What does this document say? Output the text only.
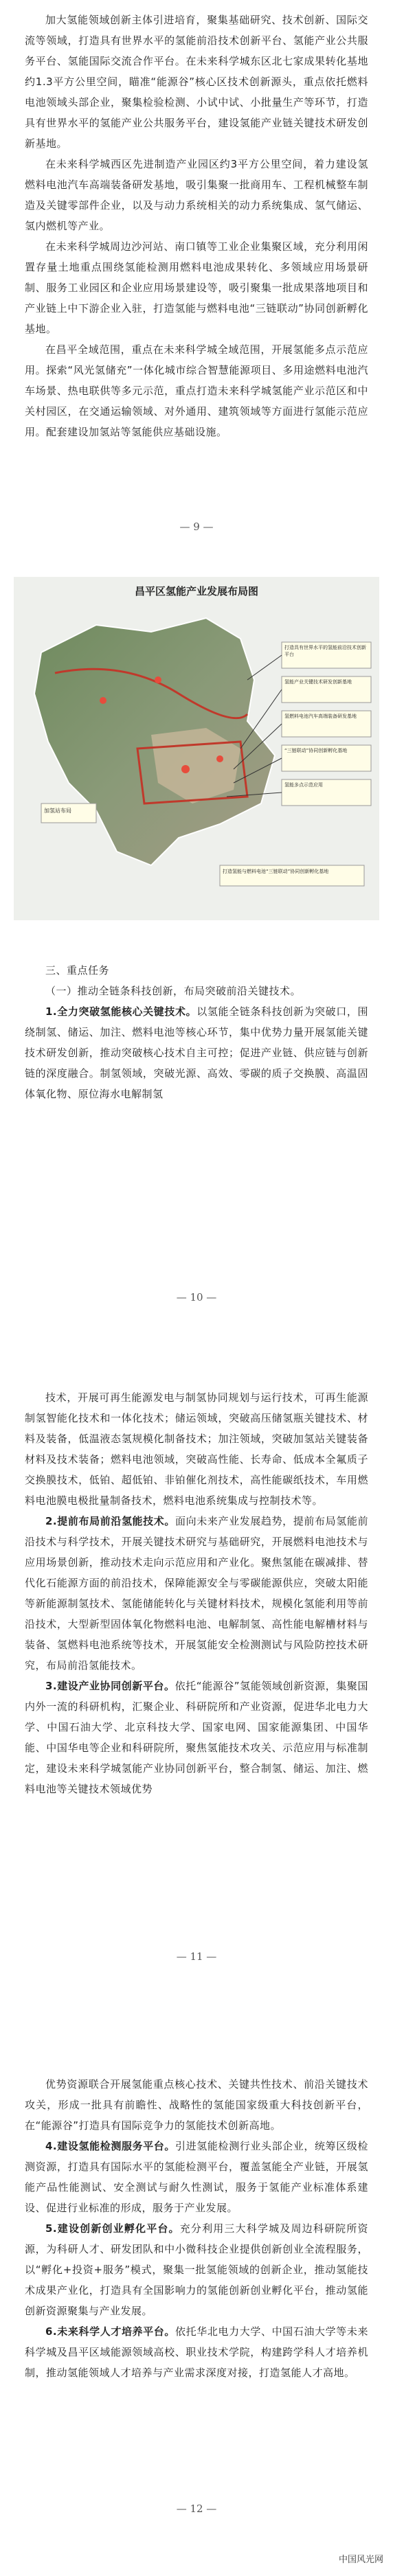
加大氢能领域创新主体引进培育，聚集基础研究、技术创新、国际交流等领域，打造具有世界水平的氢能前沿技术创新平台、氢能产业公共服务平台、氢能国际交流合作平台。在未来科学城东区北七家成果转化基地约1.3平方公里空间，瞄准“能源谷”核心区技术创新源头，重点依托燃料电池领域头部企业，聚集检验检测、小试中试、小批量生产等环节，打造具有世界水平的氢能产业公共服务平台，建设氢能产业链关键技术研发创新基地。

在未来科学城西区先进制造产业园区约3平方公里空间，着力建设氢燃料电池汽车高端装备研发基地，吸引集聚一批商用车、工程机械整车制造及关键零部件企业，以及与动力系统相关的动力系统集成、氢气储运、氢内燃机等产业。

在未来科学城周边沙河站、南口镇等工业企业集聚区域，充分利用闲置存量土地重点围绕氢能检测用燃料电池成果转化、多领域应用场景研制、服务工业园区和企业应用场景建设等，吸引聚集一批成果落地项目和产业链上中下游企业入驻，打造氢能与燃料电池“三链联动”协同创新孵化基地。

在昌平全域范围，重点在未来科学城全域范围，开展氢能多点示范应用。探索“风光氢储充”一体化城市综合智慧能源项目、多用途燃料电池汽车场景、热电联供等多元示范，重点打造未来科学城氢能产业示范区和中关村园区，在交通运输领域、对外通用、建筑领域等方面进行氢能示范应用。配套建设加氢站等氢能供应基础设施。

— 9 —
昌平区氢能产业发展布局图
打造具有世界水平的氢能前沿技术创新平台
氢能产业关键技术研发创新基地
氢燃料电池汽车高端装备研发基地
“三链联动”协同创新孵化基地
氢能多点示范应用
打造氢能与燃料电池“三链联动”协同创新孵化基地
加氢站布局

三、重点任务

（一）推动全链条科技创新，布局突破前沿关键技术。

1.全力突破氢能核心关键技术。以氢能全链条科技创新为突破口，围绕制氢、储运、加注、燃料电池等核心环节，集中优势力量开展氢能关键技术研发创新，推动突破核心技术自主可控；促进产业链、供应链与创新链的深度融合。制氢领域，突破光源、高效、零碳的质子交换膜、高温固体氧化物、原位海水电解制氢

— 10 —

技术，开展可再生能源发电与制氢协同规划与运行技术，可再生能源制氢智能化技术和一体化技术；储运领域，突破高压储氢瓶关键技术、材料及装备，低温液态氢规模化制备技术；加注领域，突破加氢站关键装备材料及技术装备；燃料电池领域，突破高性能、长寿命、低成本全氟质子交换膜技术，低铂、超低铂、非铂催化剂技术，高性能碳纸技术，车用燃料电池膜电极批量制备技术，燃料电池系统集成与控制技术等。

2.提前布局前沿氢能技术。面向未来产业发展趋势，提前布局氢能前沿技术与科学技术，开展关键技术研究与基础研究，开展燃料电池技术与应用场景创新，推动技术走向示范应用和产业化。聚焦氢能在碳减排、替代化石能源方面的前沿技术，保障能源安全与零碳能源供应，突破太阳能等新能源制氢技术、氢能储能转化与关键材料技术，规模化氢能利用等前沿技术，大型新型固体氧化物燃料电池、电解制氢、高性能电解槽材料与装备、氢燃料电池系统等技术，开展氢能安全检测测试与风险防控技术研究，布局前沿氢能技术。

3.建设产业协同创新平台。依托“能源谷”氢能领域创新资源，集聚国内外一流的科研机构，汇聚企业、科研院所和产业资源，促进华北电力大学、中国石油大学、北京科技大学、国家电网、国家能源集团、中国华能、中国华电等企业和科研院所，聚焦氢能技术攻关、示范应用与标准制定，建设未来科学城氢能产业协同创新平台，整合制氢、储运、加注、燃料电池等关键技术领域优势

— 11 —

优势资源联合开展氢能重点核心技术、关键共性技术、前沿关键技术攻关，形成一批具有前瞻性、战略性的氢能国家级重大科技创新平台，在“能源谷”打造具有国际竞争力的氢能技术创新高地。

4.建设氢能检测服务平台。引进氢能检测行业头部企业，统筹区级检测资源，打造具有国际水平的氢能检测平台，覆盖氢能全产业链，开展氢能产品性能测试、安全测试与耐久性测试，服务于氢能产业标准体系建设、促进行业标准的形成，服务于产业发展。

5.建设创新创业孵化平台。充分利用三大科学城及周边科研院所资源，为科研人才、研发团队和中小微科技企业提供创新创业全流程服务，以“孵化+投资+服务”模式，聚集一批氢能领域的创新企业，推动氢能技术成果产业化，打造具有全国影响力的氢能创新创业孵化平台，推动氢能创新资源聚集与产业发展。

6.未来科学人才培养平台。依托华北电力大学、中国石油大学等未来科学城及昌平区域能源领域高校、职业技术学院，构建跨学科人才培养机制，推动氢能领域人才培养与产业需求深度对接，打造氢能人才高地。

— 12 —
中国风光网
